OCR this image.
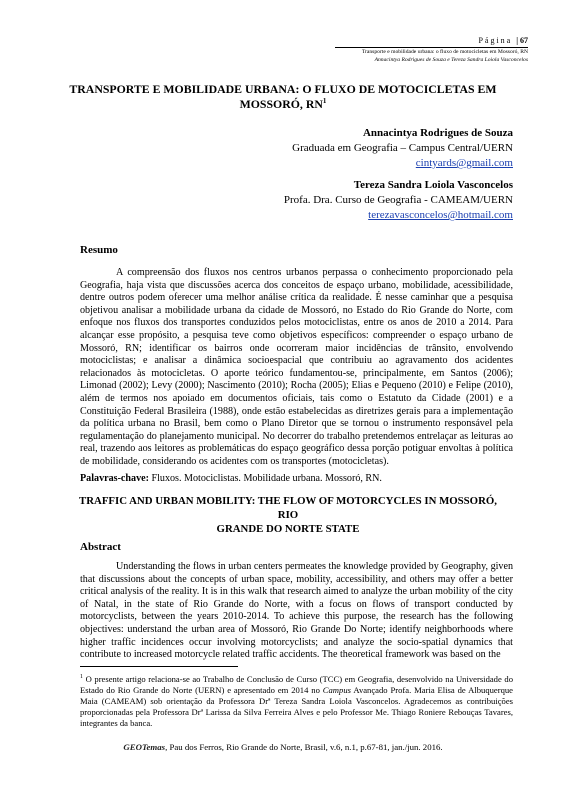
Página | 67
Transporte e mobilidade urbana: o fluxo de motocicletas em Mossoró, RN
Annacintya Rodrigues de Souza e Tereza Sandra Loiola Vasconcelos
TRANSPORTE E MOBILIDADE URBANA: O FLUXO DE MOTOCICLETAS EM
MOSSORÓ, $RN^1$
Annacintya Rodrigues de Souza
Graduada em Geografia – Campus Central/UERN
cintyards@gmail.com
Tereza Sandra Loiola Vasconcelos
Profa. Dra. Curso de Geografia - CAMEAM/UERN
terezavasconcelos@hotmail.com
Resumo

A compreensão dos fluxos nos centros urbanos perpassa o conhecimento proporcionado pela Geografia, haja vista que discussões acerca dos conceitos de espaço urbano, mobilidade, acessibilidade, dentre outros podem oferecer uma melhor análise crítica da realidade. É nesse caminhar que a pesquisa objetivou analisar a mobilidade urbana da cidade de Mossoró, no Estado do Rio Grande do Norte, com enfoque nos fluxos dos transportes conduzidos pelos motociclistas, entre os anos de 2010 a 2014. Para alcançar esse propósito, a pesquisa teve como objetivos específicos: compreender o espaço urbano de Mossoró, RN; identificar os bairros onde ocorreram maior incidências de trânsito, envolvendo motociclistas; e analisar a dinâmica socioespacial que contribuiu ao agravamento dos acidentes relacionados às motocicletas. O aporte teórico fundamentou-se, principalmente, em Santos (2006); Limonad (2002); Levy (2000); Nascimento (2010); Rocha (2005); Elias e Pequeno (2010) e Felipe (2010), além de termos nos apoiado em documentos oficiais, tais como o Estatuto da Cidade (2001) e a Constituição Federal Brasileira (1988), onde estão estabelecidas as diretrizes gerais para a implementação da política urbana no Brasil, bem como o Plano Diretor que se tornou o instrumento responsável pela regulamentação do planejamento municipal. No decorrer do trabalho pretendemos entrelaçar as leituras ao real, trazendo aos leitores as problemáticas do espaço geográfico dessa porção potiguar envoltas à política de mobilidade, considerando os acidentes com os transportes (motocicletas).

Palavras-chave: Fluxos. Motociclistas. Mobilidade urbana. Mossoró, RN.
TRAFFIC AND URBAN MOBILITY: THE FLOW OF MOTORCYCLES IN MOSSORÓ, RIO
GRANDE DO NORTE STATE
Abstract

Understanding the flows in urban centers permeates the knowledge provided by Geography, given that discussions about the concepts of urban space, mobility, accessibility, and others may offer a better critical analysis of the reality. It is in this walk that research aimed to analyze the urban mobility of the city of Natal, in the state of Rio Grande do Norte, with a focus on flows of transport conducted by motorcyclists, between the years 2010-2014. To achieve this purpose, the research has the following objectives: understand the urban area of Mossoró, Rio Grande Do Norte; identify neighborhoods where higher traffic incidences occur involving motorcyclists; and analyze the socio-spatial dynamics that contribute to increased motorcycle related traffic accidents. The theoretical framework was based on the

$^1$ O presente artigo relaciona-se ao Trabalho de Conclusão de Curso (TCC) em Geografia, desenvolvido na Universidade do Estado do Rio Grande do Norte (UERN) e apresentado em 2014 no Campus Avançado Profa. Maria Elisa de Albuquerque Maia (CAMEAM) sob orientação da Professora Drª Tereza Sandra Loiola Vasconcelos. Agradecemos as contribuições proporcionadas pela Professora Drª Larissa da Silva Ferreira Alves e pelo Professor Me. Thiago Roniere Rebouças Tavares, integrantes da banca.
GEOTemas, Pau dos Ferros, Rio Grande do Norte, Brasil, v.6, n.1, p.67-81, jan./jun. 2016.
